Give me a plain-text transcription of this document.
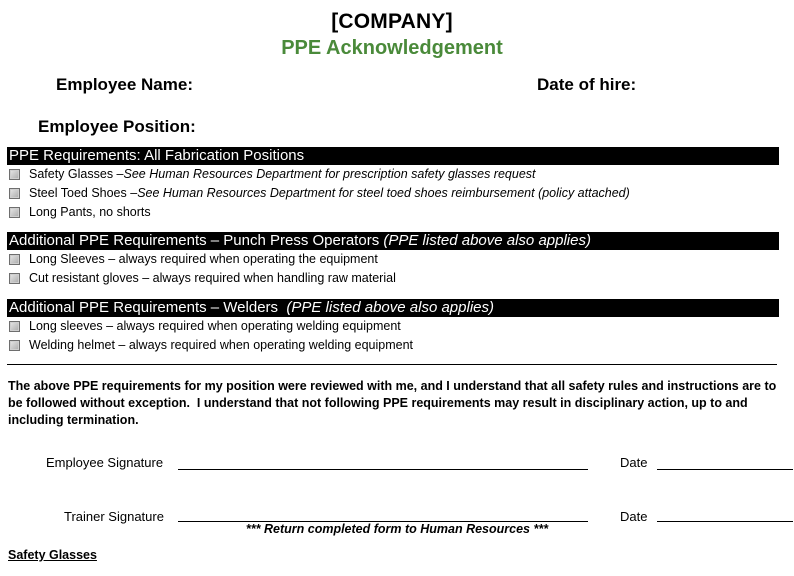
[COMPANY]
PPE Acknowledgement
Employee Name:	Date of hire:
Employee Position:
PPE Requirements: All Fabrication Positions
Safety Glasses – See Human Resources Department for prescription safety glasses request
Steel Toed Shoes – See Human Resources Department for steel toed shoes reimbursement (policy attached)
Long Pants, no shorts
Additional PPE Requirements – Punch Press Operators (PPE listed above also applies)
Long Sleeves – always required when operating the equipment
Cut resistant gloves – always required when handling raw material
Additional PPE Requirements – Welders  (PPE listed above also applies)
Long sleeves – always required when operating welding equipment
Welding helmet – always required when operating welding equipment
The above PPE requirements for my position were reviewed with me, and I understand that all safety rules and instructions are to be followed without exception.  I understand that not following PPE requirements may result in disciplinary action, up to and including termination.
Employee Signature	Date
Trainer Signature	Date
*** Return completed form to Human Resources ***
Safety Glasses
